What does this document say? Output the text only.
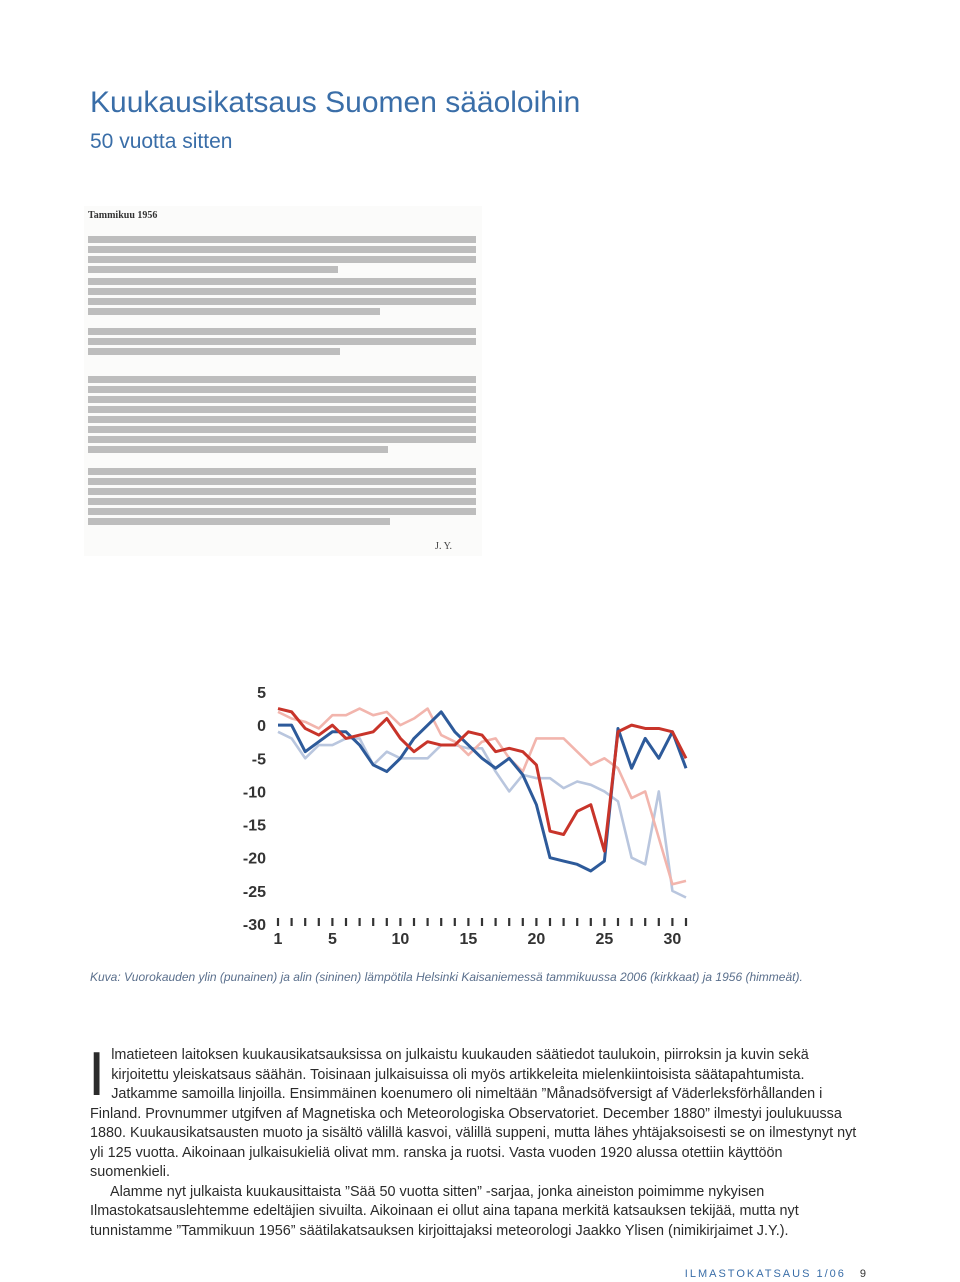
Kuukausikatsaus Suomen sääoloihin
50 vuotta sitten
Tammikuu 1956
J. Y.
5
0
-5
-10
-15
-20
-25
-30
1	5	10	15	20	25	30
Kuva: Vuorokauden ylin (punainen) ja alin (sininen) lämpötila Helsinki Kaisaniemessä tammikuussa 2006 (kirkkaat) ja 1956 (himmeät).

Ilmatieteen laitoksen kuukausikatsauksissa on julkaistu kuukauden säätiedot taulukoin, piirroksin ja kuvin sekä kirjoitettu yleiskatsaus säähän. Toisinaan julkaisuissa oli myös artikkeleita mielenkiintoisista säätapahtumista. Jatkamme samoilla linjoilla. Ensimmäinen koenumero oli nimeltään ”Månadsöfversigt af Väderleksförhållanden i Finland. Provnummer utgifven af Magnetiska och Meteorologiska Observatoriet. December 1880” ilmestyi joulukuussa 1880. Kuukausikatsausten muoto ja sisältö välillä kasvoi, välillä suppeni, mutta lähes yhtäjaksoisesti se on ilmestynyt nyt yli 125 vuotta. Aikoinaan julkaisukieliä olivat mm. ranska ja ruotsi. Vasta vuoden 1920 alussa otettiin käyttöön suomenkieli.

Alamme nyt julkaista kuukausittaista ”Sää 50 vuotta sitten” -sarjaa, jonka aineiston poimimme nykyisen Ilmastokatsauslehtemme edeltäjien sivuilta. Aikoinaan ei ollut aina tapana merkitä katsauksen tekijää, mutta nyt tunnistamme ”Tammikuun 1956” säätilakatsauksen kirjoittajaksi meteorologi Jaakko Ylisen (nimikirjaimet J.Y.).

ILMASTOKATSAUS 1/06 9
